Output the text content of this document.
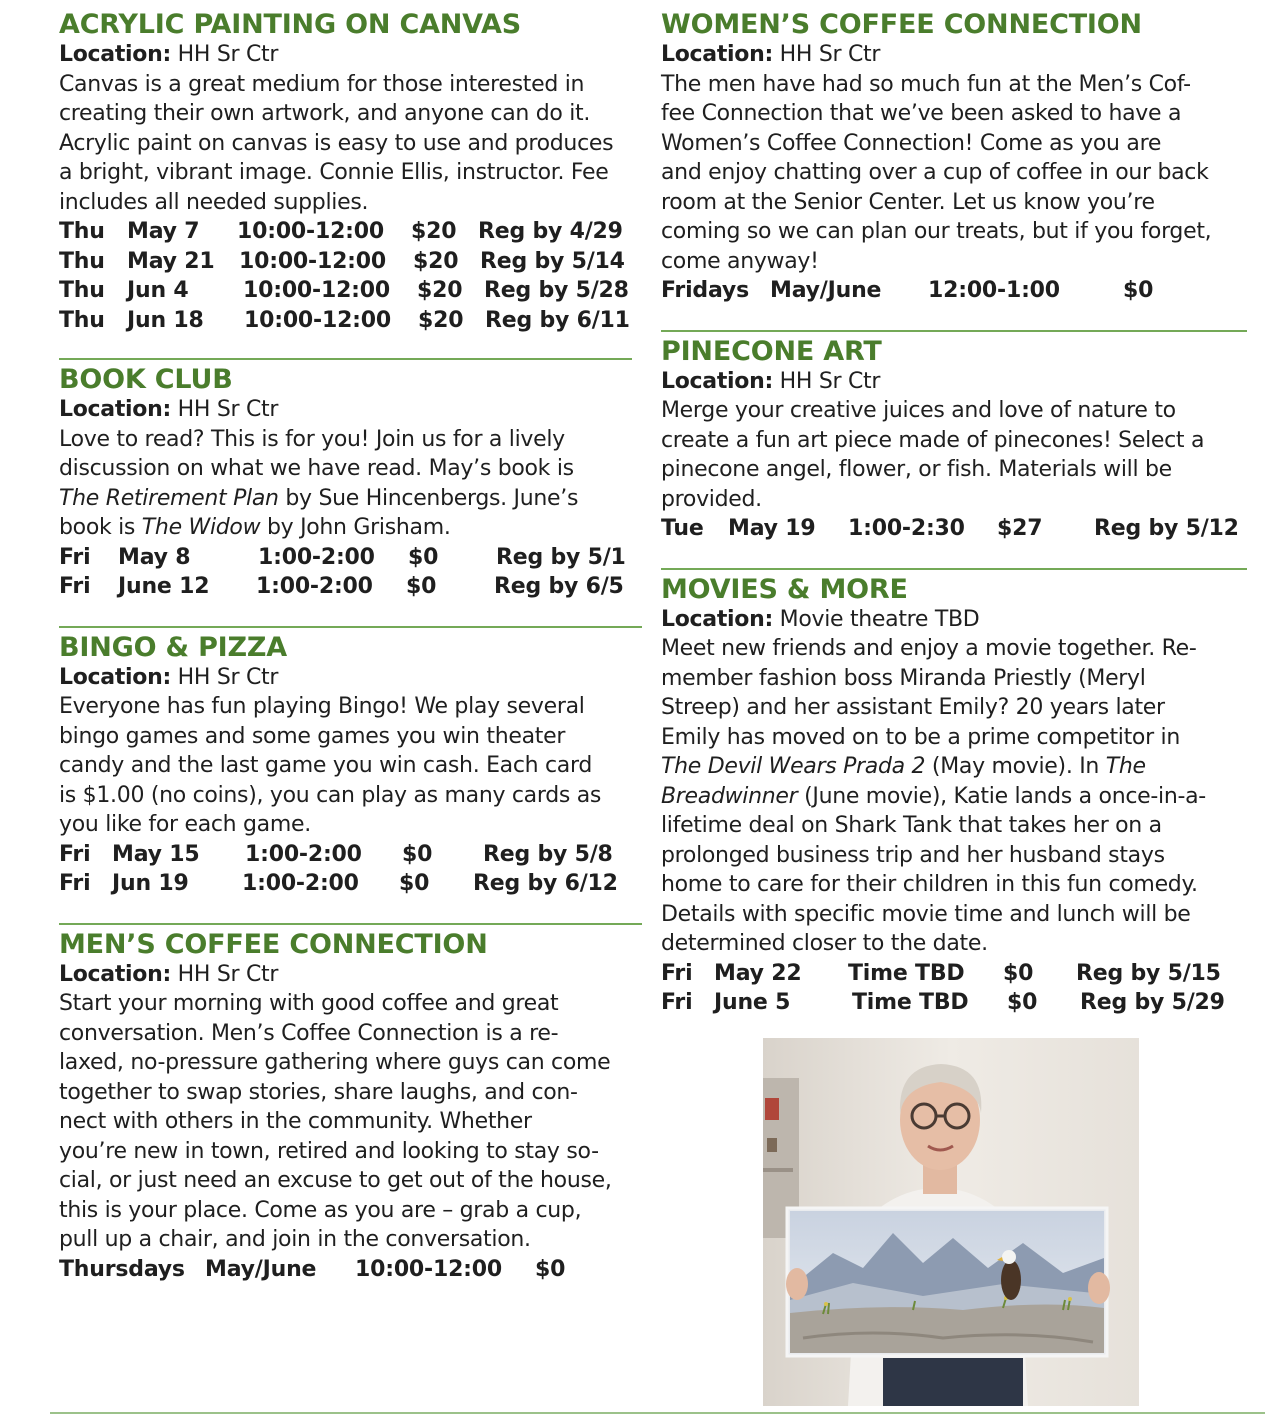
ACRYLIC PAINTING ON CANVAS
Location: HH Sr Ctr
Canvas is a great medium for those interested in
creating their own artwork, and anyone can do it.
Acrylic paint on canvas is easy to use and produces
a bright, vibrant image. Connie Ellis, instructor. Fee
includes all needed supplies.
Thu May 7 10:00-12:00 $20 Reg by 4/29
Thu May 21 10:00-12:00 $20 Reg by 5/14
Thu Jun 4 10:00-12:00 $20 Reg by 5/28
Thu Jun 18 10:00-12:00 $20 Reg by 6/11
BOOK CLUB
Location: HH Sr Ctr
Love to read? This is for you! Join us for a lively
discussion on what we have read. May’s book is
The Retirement Plan by Sue Hincenbergs. June’s
book is The Widow by John Grisham.
Fri May 8	1:00-2:00 $0	Reg by 5/1
Fri June 12 1:00-2:00 $0	Reg by 6/5
BINGO & PIZZA
Location: HH Sr Ctr
Everyone has fun playing Bingo! We play several
bingo games and some games you win theater
candy and the last game you win cash. Each card
is $1.00 (no coins), you can play as many cards as
you like for each game.
Fri May 15 1:00-2:00 $0 Reg by 5/8
Fri Jun 19 1:00-2:00 $0 Reg by 6/12
MEN’S COFFEE CONNECTION
Location: HH Sr Ctr
Start your morning with good coffee and great
conversation. Men’s Coffee Connection is a re-
laxed, no-pressure gathering where guys can come
together to swap stories, share laughs, and con-
nect with others in the community. Whether
you’re new in town, retired and looking to stay so-
cial, or just need an excuse to get out of the house,
this is your place. Come as you are – grab a cup,
pull up a chair, and join in the conversation.
Thursdays May/June 10:00-12:00 $0
WOMEN’S COFFEE CONNECTION
Location: HH Sr Ctr
The men have had so much fun at the Men’s Cof-
fee Connection that we’ve been asked to have a
Women’s Coffee Connection! Come as you are
and enjoy chatting over a cup of coffee in our back
room at the Senior Center. Let us know you’re
coming so we can plan our treats, but if you forget,
come anyway!
Fridays May/June 12:00-1:00	$0
PINECONE ART
Location: HH Sr Ctr
Merge your creative juices and love of nature to
create a fun art piece made of pinecones! Select a
pinecone angel, flower, or fish. Materials will be
provided.
Tue May 19 1:00-2:30 $27 Reg by 5/12
MOVIES & MORE
Location: Movie theatre TBD
Meet new friends and enjoy a movie together. Re-
member fashion boss Miranda Priestly (Meryl
Streep) and her assistant Emily? 20 years later
Emily has moved on to be a prime competitor in
The Devil Wears Prada 2 (May movie). In The
Breadwinner (June movie), Katie lands a once-in-a-
lifetime deal on Shark Tank that takes her on a
prolonged business trip and her husband stays
home to care for their children in this fun comedy.
Details with specific movie time and lunch will be
determined closer to the date.
Fri May 22 Time TBD $0 Reg by 5/15
Fri June 5	Time TBD $0 Reg by 5/29
